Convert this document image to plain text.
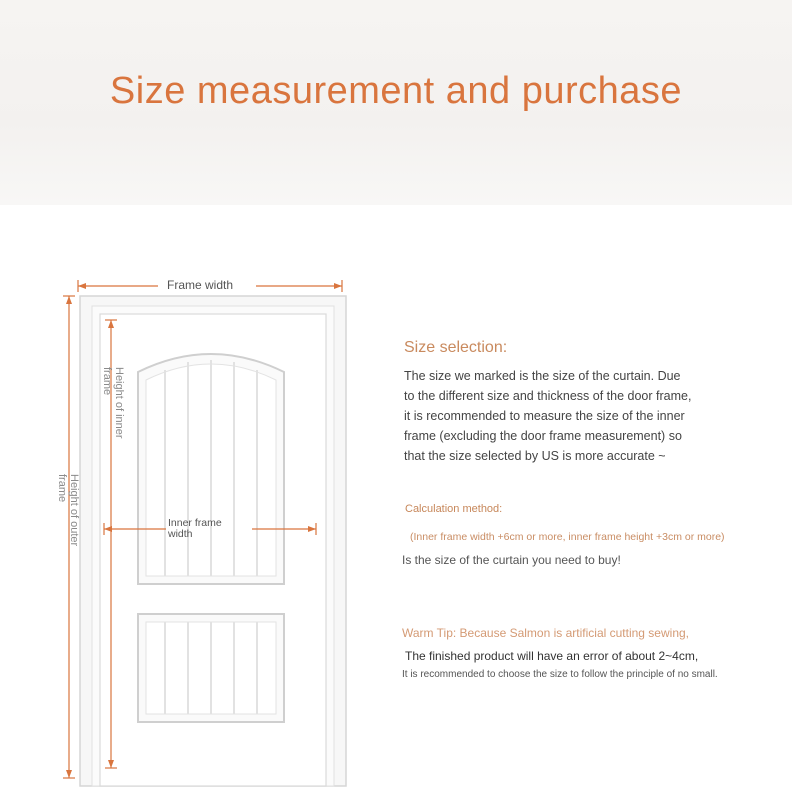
Size measurement and purchase
Frame width
Height of inner
frame
Height of outer
frame
Inner frame
width
Size selection:
The size we marked is the size of the curtain. Due
to the different size and thickness of the door frame,
it is recommended to measure the size of the inner
frame (excluding the door frame measurement) so
that the size selected by US is more accurate ~
Calculation method:
(Inner frame width +6cm or more, inner frame height +3cm or more)
Is the size of the curtain you need to buy!
Warm Tip: Because Salmon is artificial cutting sewing,
The finished product will have an error of about 2~4cm,
It is recommended to choose the size to follow the principle of no small.
